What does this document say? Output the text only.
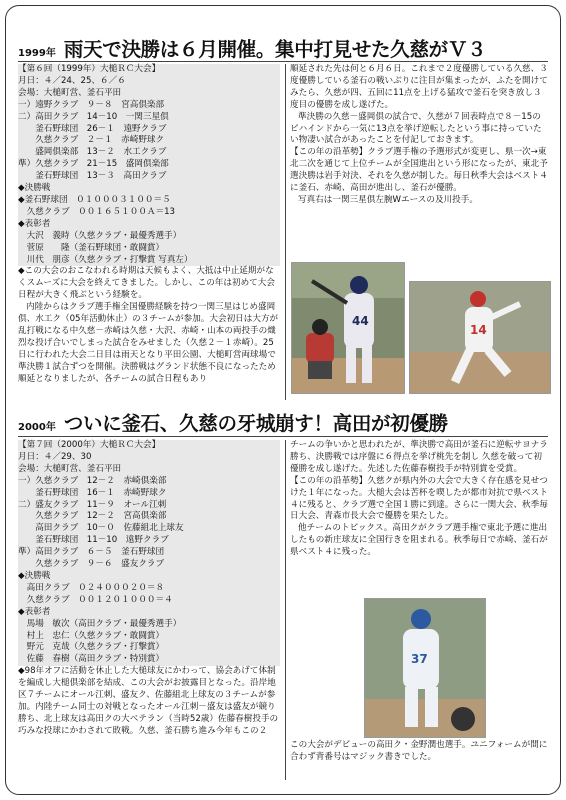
1999年 雨天で決勝は６月開催。集中打見せた久慈がＶ３
【第６回（1999年）大槌ＲＣ大会】
月日：４／24、25、６／６
会場：大槌町営、釜石平田
一）遠野クラブ　９－８　宮高倶楽部
二）高田クラブ　14－10　一関三星倶
　　釜石野球団　26－１　遠野クラブ
　　久慈クラブ　２－１　赤崎野球ク
　　盛岡倶楽部　13－２　水工クラブ
準）久慈クラブ　21－15　盛岡倶楽部
　　釜石野球団　13－３　高田クラブ
◆決勝戦
◆釜石野球団　０１０００３１００＝５
　久慈クラブ　００１６５１００Ａ＝13
◆表彰者
　大沢　義時（久慈クラブ・最優秀選手）
　菅原　　隆（釜石野球団・敢闘賞）
　川代　朋彦（久慈クラブ・打撃賞 写真左）
◆この大会のおこなわれる時期は天候もよく、大抵は中止延期がなくスムーズに大会を終えてきました。しかし、この年は初めて大会日程が大きく飛ぶという経験を。
内陸からはクラブ選手権全国優勝経験を持つ一関三星はじめ盛岡倶、水工ク（05年活動休止）の３チームが参加。大会初日は大方が乱打戦になる中久慈－赤崎は久慈・大沢、赤崎・山本の両投手の熾烈な投げ合いでしまった試合をみせました（久慈２－１赤崎）。25日に行われた大会二日目は雨天となり平田公園、大槌町営両球場で準決勝１試合ずつを開催。決勝戦はグランド状態不良になったため順延となりましたが、各チームの試合日程もあり
順延された先は何と６月６日。これまで２度優勝している久慈、３度優勝している釜石の戦いぶりに注目が集まったが、ふたを開けてみたら、久慈が四、五回に11点を上げる猛攻で釜石を突き放し３度目の優勝を成し遂げた。
準決勝の久慈－盛岡倶の試合で、久慈が７回表時点で８－15のビハインドから一気に13点を挙げ逆転したという事に持っていたい物凄い試合があったことを付記しておきます。
【この年の沿革勢】クラブ選手権の予選形式が変更し、県一次→東北二次を通じて上位チームが全国進出という形になったが、東北予選決勝は岩手対決、それを久慈が制した。毎日秋季大会はベスト４に釜石、赤崎、高田が進出し、釜石が優勝。
写真右は一関三星倶左腕Wエースの及川投手。
44
14
2000年 ついに釜石、久慈の牙城崩す！高田が初優勝
【第７回（2000年）大槌ＲＣ大会】
月日：４／29、30
会場：大槌町営、釜石平田
一）久慈クラブ　12－２　赤崎倶楽部
　　釜石野球団　16－１　赤崎野球ク
二）盛友クラブ　11－９　オール江刺
　　久慈クラブ　12－２　宮高倶楽部
　　高田クラブ　10－０　佐藤組北上球友
　　釜石野球団　11－10　遠野クラブ
準）高田クラブ　６－５　釜石野球団
　　久慈クラブ　９－６　盛友クラブ
◆決勝戦
　高田クラブ　０２４０００２０＝８
　久慈クラブ　００１２０１０００＝４
◆表彰者
　馬場　敏次（高田クラブ・最優秀選手）
　村上　忠仁（久慈クラブ・敢闘賞）
　野元　克哉（久慈クラブ・打撃賞）
　佐藤　春樹（高田クラブ・特別賞）
◆98年オフに活動を休止した大槌球友にかわって、協会あげて体制を編成し大槌倶楽部を結成、この大会がお披露目となった。沿岸地区７チームにオール江刺、盛友ク、佐藤組北上球友の３チームが参加。内陸チーム同士の対戦となったオール江刺－盛友は盛友が競り勝ち、北上球友は高田クの大ベテラン（当時52歳）佐藤春樹投手の巧みな投球にかわされて敗戦。久慈、釜石勝ち進み今年もこの２
チームの争いかと思われたが、準決勝で高田が釜石に逆転サヨナラ勝ち、決勝戦では序盤に６得点を挙げ桃先を制し 久慈を破って初優勝を成し遂げた。先述した佐藤春樹投手が特別賞を受賞。
【この年の沿革勢】久慈クが県内外の大会で大きく存在感を見せつけた１年になった。大槌大会は苦杯を喫したが都市対抗で県ベスト４に残ると、クラブ選で全国１勝に到達。さらに一関大会、秋季毎日大会、青森市長大会で優勝を果たした。
他チームのトピックス。高田クがクラブ選手権で東北予選に進出したもの新庄球友に全国行きを阻まれる。秋季毎日で赤崎、釜石が県ベスト４に残った。
37
この大会がデビューの高田ク・金野潤也選手。ユニフォームが間に合わず背番号はマジック書きでした。
